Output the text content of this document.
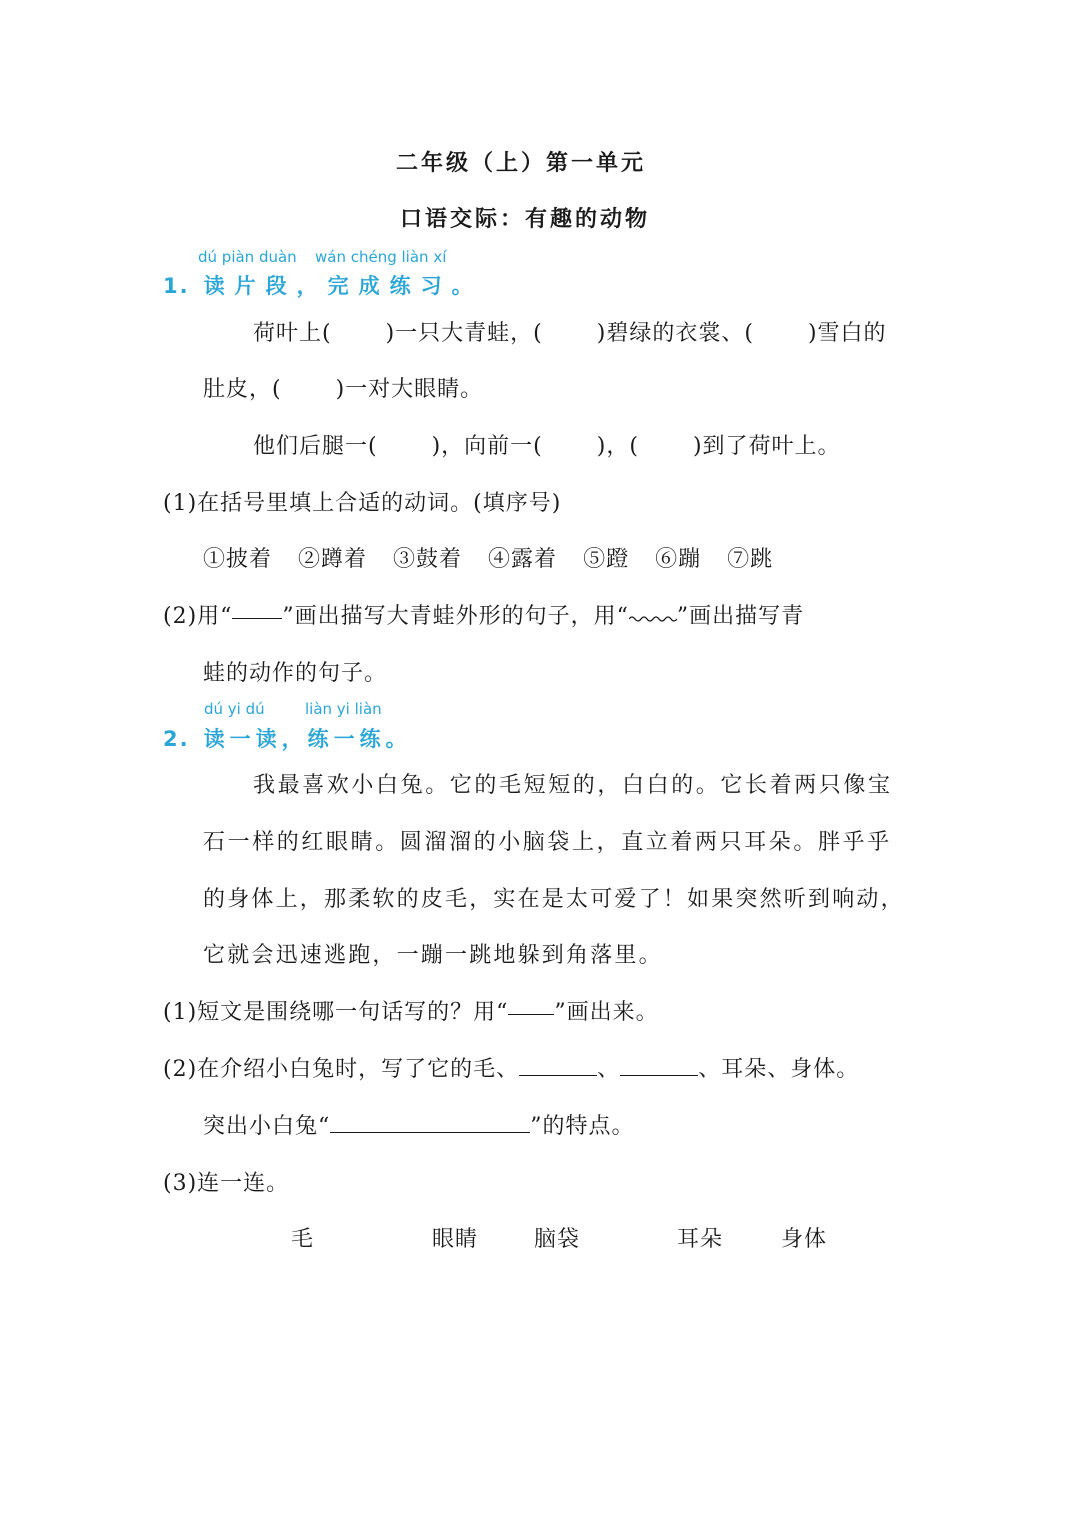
二年级（上）第一单元
口语交际：有趣的动物
dú piàn duàn wán chéng liàn xí
1. 读片段，完成练习。
荷叶上( )一只大青蛙，( )碧绿的衣裳、( )雪白的
肚皮，( )一对大眼睛。
他们后腿一( )，向前一( )，( )到了荷叶上。
(1)在括号里填上合适的动词。(填序号)
①披着 ②蹲着 ③鼓着 ④露着 ⑤蹬 ⑥蹦 ⑦跳
(2)用“ ”画出描写大青蛙外形的句子，用“ ”画出描写青
蛙的动作的句子。
dú yi dú	liàn yi liàn
2. 读一读，练一练。
我最喜欢小白兔。它的毛短短的，白白的。它长着两只像宝
石一样的红眼睛。圆溜溜的小脑袋上，直立着两只耳朵。胖乎乎
的身体上，那柔软的皮毛，实在是太可爱了！如果突然听到响动，
它就会迅速逃跑，一蹦一跳地躲到角落里。
(1)短文是围绕哪一句话写的？用“ ”画出来。
(2)在介绍小白兔时，写了它的毛、	、	、耳朵、身体。
突出小白兔“	”的特点。
(3)连一连。
毛	眼睛	脑袋	耳朵	身体
